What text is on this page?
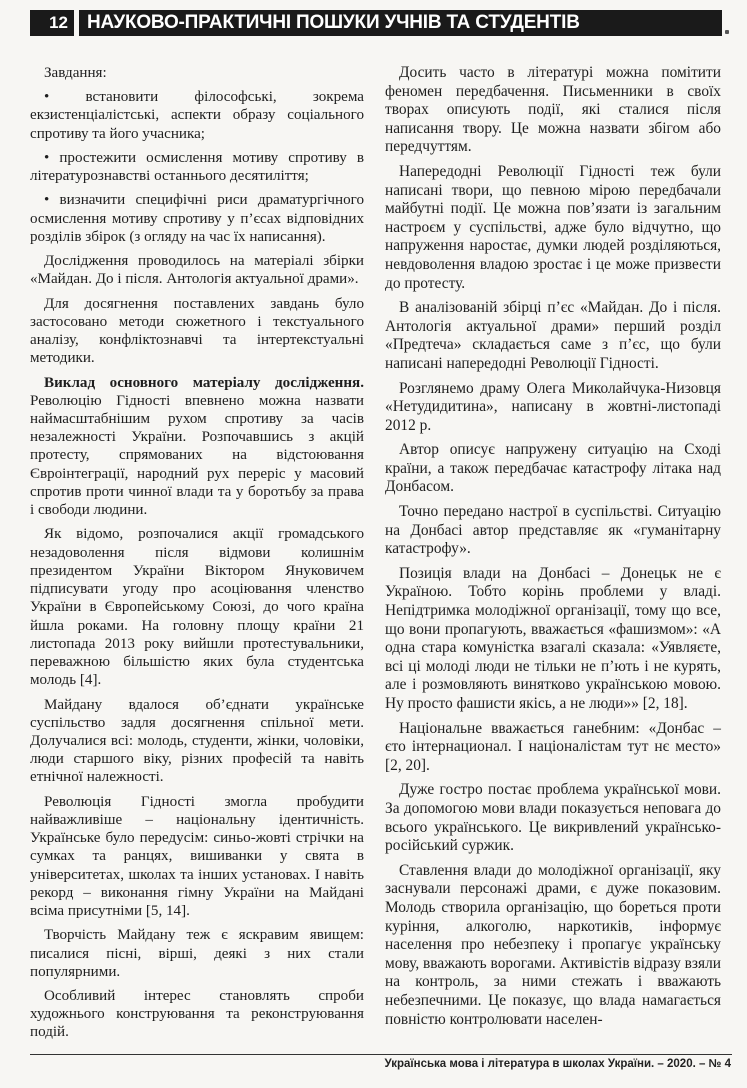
12	НАУКОВО-ПРАКТИЧНІ ПОШУКИ УЧНІВ ТА СТУДЕНТІВ

Завдання:

• встановити філософські, зокрема екзистенціалістські, аспекти образу соціального спротиву та його учасника;

• простежити осмислення мотиву спротиву в літературознавстві останнього десятиліття;

• визначити специфічні риси драматургічного осмислення мотиву спротиву у п’єсах відповідних розділів збірок (з огляду на час їх написання).

Дослідження проводилось на матеріалі збірки «Майдан. До і після. Антологія актуальної драми».

Для досягнення поставлених завдань було застосовано методи сюжетного і текстуального аналізу, конфліктознавчі та інтертекстуальні методики.

Виклад основного матеріалу дослідження. Революцію Гідності впевнено можна назвати наймасштабнішим рухом спротиву за часів незалежності України. Розпочавшись з акцій протесту, спрямованих на відстоювання Євроінтеграції, народний рух переріс у масовий спротив проти чинної влади та у боротьбу за права і свободи людини.

Як відомо, розпочалися акції громадського незадоволення після відмови колишнім президентом України Віктором Януковичем підписувати угоду про асоціювання членство України в Європейському Союзі, до чого країна йшла роками. На головну площу країни 21 листопада 2013 року вийшли протестувальники, переважною більшістю яких була студентська молодь [4].

Майдану вдалося об’єднати українське суспільство задля досягнення спільної мети. Долучалися всі: молодь, студенти, жінки, чоловіки, люди старшого віку, різних професій та навіть етнічної належності.

Революція Гідності змогла пробудити найважливіше – національну ідентичність. Українське було передусім: синьо-жовті стрічки на сумках та ранцях, вишиванки у свята в університетах, школах та інших установах. І навіть рекорд – виконання гімну України на Майдані всіма присутніми [5, 14].

Творчість Майдану теж є яскравим явищем: писалися пісні, вірші, деякі з них стали популярними.

Особливий інтерес становлять спроби художнього конструювання та реконструювання подій.

Досить часто в літературі можна помітити феномен передбачення. Письменники в своїх творах описують події, які сталися після написання твору. Це можна назвати збігом або передчуттям.

Напередодні Революції Гідності теж були написані твори, що певною мірою передбачали майбутні події. Це можна пов’язати із загальним настроєм у суспільстві, адже було відчутно, що напруження наростає, думки людей розділяються, невдоволення владою зростає і це може призвести до протесту.

В аналізованій збірці п’єс «Майдан. До і після. Антологія актуальної драми» перший розділ «Предтеча» складається саме з п’єс, що були написані напередодні Революції Гідності.

Розглянемо драму Олега Миколайчука-Низовця «Нетудидитина», написану в жовтні-листопаді 2012 р.

Автор описує напружену ситуацію на Сході країни, а також передбачає катастрофу літака над Донбасом.

Точно передано настрої в суспільстві. Ситуацію на Донбасі автор представляє як «гуманітарну катастрофу».

Позиція влади на Донбасі – Донецьк не є Україною. Тобто корінь проблеми у владі. Непідтримка молодіжної організації, тому що все, що вони пропагують, вважається «фашизмом»: «А одна стара комуністка взагалі сказала: «Уявляєте, всі ці молоді люди не тільки не п’ють і не курять, але і розмовляють винятково українською мовою. Ну просто фашисти якісь, а не люди»» [2, 18].

Національне вважається ганебним: «Донбас – єто інтернационал. І націоналістам тут нє место» [2, 20].

Дуже гостро постає проблема української мови. За допомогою мови влади показується неповага до всього українського. Це викривлений українсько-російський суржик.

Ставлення влади до молодіжної організації, яку заснували персонажі драми, є дуже показовим. Молодь створила організацію, що бореться проти куріння, алкоголю, наркотиків, інформує населення про небезпеку і пропагує українську мову, вважають ворогами. Активістів відразу взяли на контроль, за ними стежать і вважають небезпечними. Це показує, що влада намагається повністю контролювати населен-

Українська мова і література в школах України. – 2020. – № 4
